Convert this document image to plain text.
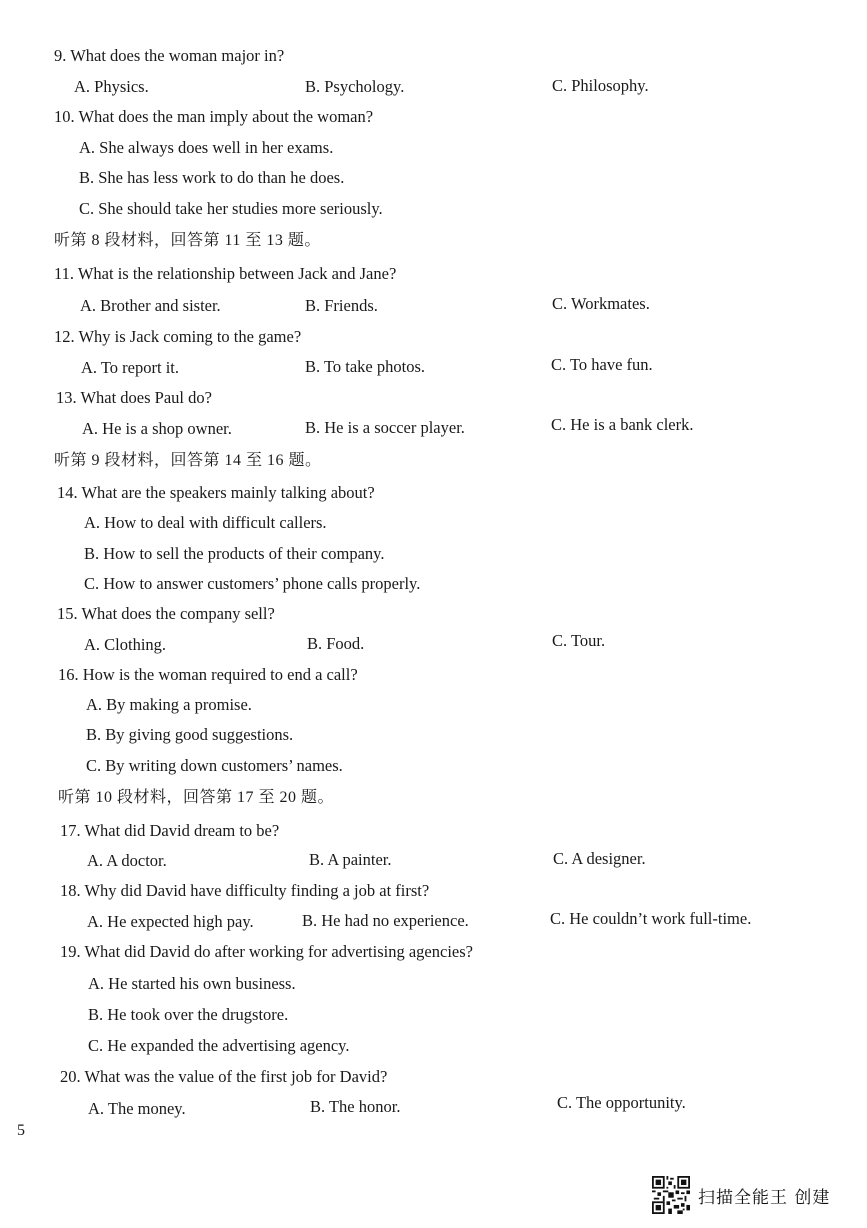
9. What does the woman major in?
A. Physics.	B. Psychology.	C. Philosophy.
10. What does the man imply about the woman?
A. She always does well in her exams.
B. She has less work to do than he does.
C. She should take her studies more seriously.
听第 8 段材料，回答第 11 至 13 题。
11. What is the relationship between Jack and Jane?
A. Brother and sister.	B. Friends.	C. Workmates.
12. Why is Jack coming to the game?
A. To report it.	B. To take photos.	C. To have fun.
13. What does Paul do?
A. He is a shop owner.	B. He is a soccer player.	C. He is a bank clerk.
听第 9 段材料，回答第 14 至 16 题。
14. What are the speakers mainly talking about?
A. How to deal with difficult callers.
B. How to sell the products of their company.
C. How to answer customers’ phone calls properly.
15. What does the company sell?
A. Clothing.	B. Food.	C. Tour.
16. How is the woman required to end a call?
A. By making a promise.
B. By giving good suggestions.
C. By writing down customers’ names.
听第 10 段材料，回答第 17 至 20 题。
17. What did David dream to be?
A. A doctor.	B. A painter.	C. A designer.
18. Why did David have difficulty finding a job at first?
A. He expected high pay.	B. He had no experience.	C. He couldn’t work full-time.
19. What did David do after working for advertising agencies?
A. He started his own business.
B. He took over the drugstore.
C. He expanded the advertising agency.
20. What was the value of the first job for David?
A. The money.	B. The honor.	C. The opportunity.
5
扫描全能王 创建
